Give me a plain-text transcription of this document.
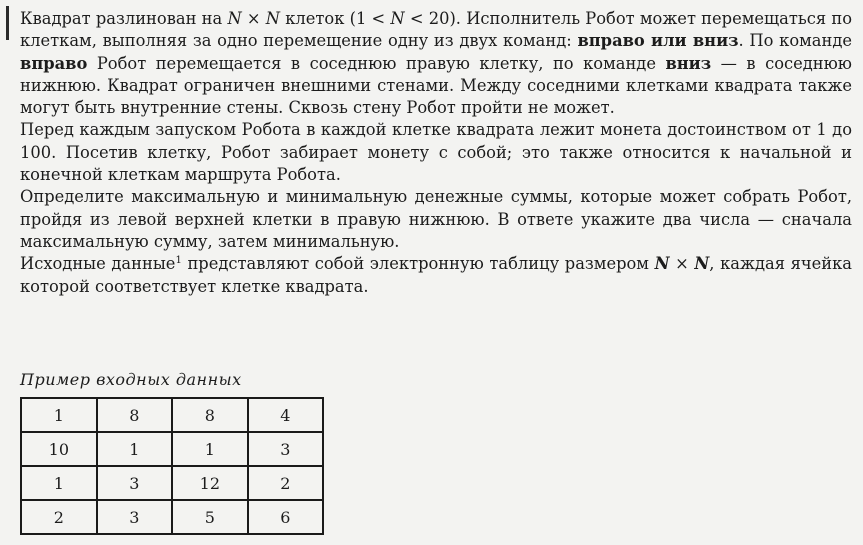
Квадрат разлинован на N × N клеток (1 < N < 20). Исполнитель Робот может перемещаться по клеткам, выполняя за одно перемещение одну из двух команд: вправо или вниз. По команде вправо Робот перемещается в соседнюю правую клетку, по команде вниз — в соседнюю нижнюю. Квадрат ограничен внешними стенами. Между соседними клетками квадрата также могут быть внутренние стены. Сквозь стену Робот пройти не может.

Перед каждым запуском Робота в каждой клетке квадрата лежит монета достоинством от 1 до 100. Посетив клетку, Робот забирает монету с собой; это также относится к начальной и конечной клеткам маршрута Робота.

Определите максимальную и минимальную денежные суммы, которые может собрать Робот, пройдя из левой верхней клетки в правую нижнюю. В ответе укажите два числа — сначала максимальную сумму, затем минимальную.

Исходные данные$^1$ представляют собой электронную таблицу размером N × N, каждая ячейка которой соответствует клетке квадрата.

Пример входных данных
1	8	8	4
10	1	1	3
1	3	12	2
2	3	5	6
